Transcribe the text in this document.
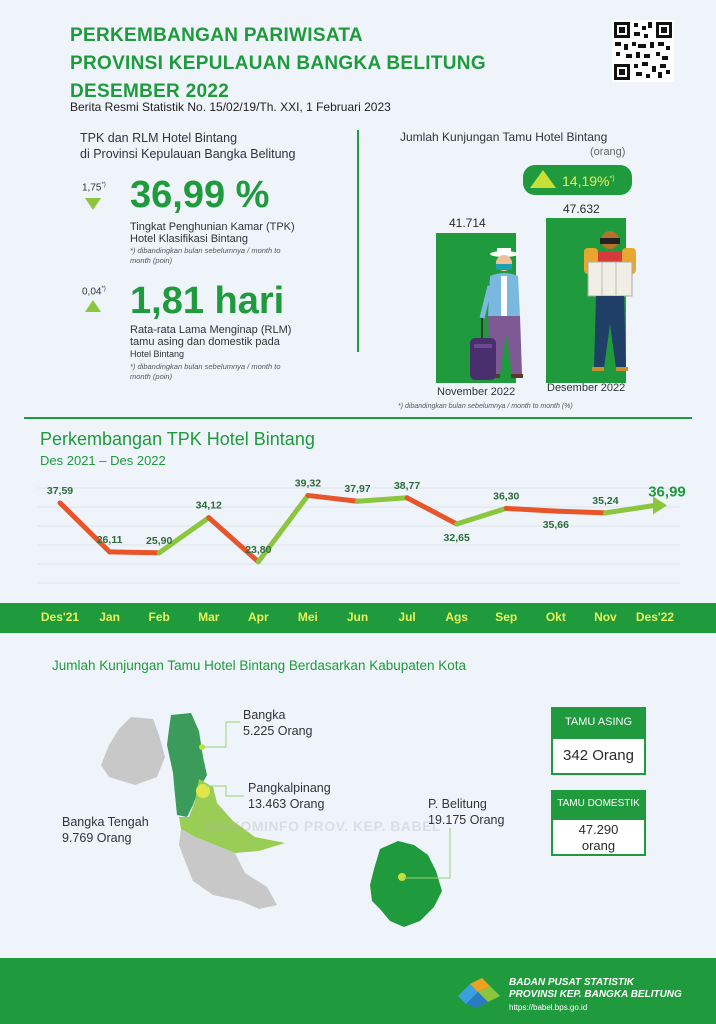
PERKEMBANGAN PARIWISATA
PROVINSI KEPULAUAN BANGKA BELITUNG
DESEMBER 2022
Berita Resmi Statistik No. 15/02/19/Th. XXI, 1 Februari 2023
TPK dan RLM Hotel Bintang
di Provinsi Kepulauan Bangka Belitung
1,75*) 36,99 %
Tingkat Penghunian Kamar (TPK)
Hotel Klasifikasi Bintang
*) dibandingkan bulan sebelumnya / month to month (poin)
0,04*) 1,81 hari
Rata-rata Lama Menginap (RLM)
tamu asing dan domestik pada
Hotel Bintang
*) dibandingkan bulan sebelumnya / month to month (poin)
Jumlah Kunjungan Tamu Hotel Bintang
(orang)
14,19%*)
41.714
47.632
November 2022	Desember 2022
*) dibandingkan bulan sebelumnya / month to month (%)
Perkembangan TPK Hotel Bintang
Des 2021 – Des 2022
37,59
26,11 25,90
34,12
23,80
39,32 37,97 38,77
32,65
36,30
35,66
35,24
36,99
Des'21	Jan	Feb	Mar	Apr	Mei	Jun	Jul	Ags	Sep	Okt	Nov	Des'22
Jumlah Kunjungan Tamu Hotel Bintang Berdasarkan Kabupaten Kota
Bangka
5.225 Orang
Pangkalpinang
13.463 Orang
Bangka Tengah
9.769 Orang
P. Belitung
19.175 Orang
DISKOMINFO PROV. KEP. BABEL
TAMU ASING
342 Orang
TAMU DOMESTIK
47.290
orang
BADAN PUSAT STATISTIK
PROVINSI KEP. BANGKA BELITUNG
https://babel.bps.go.id
